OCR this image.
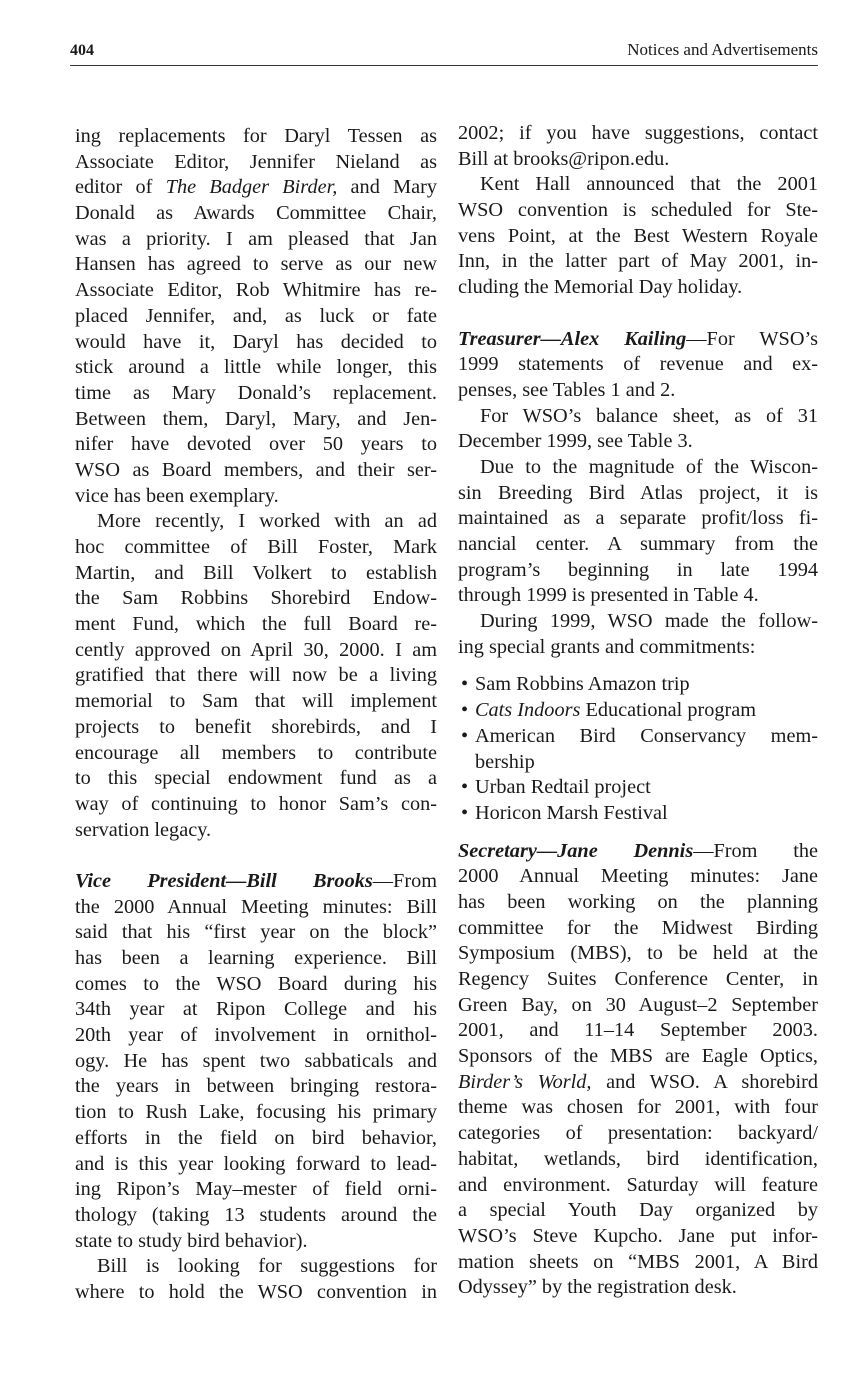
404	Notices and Advertisements
ing replacements for Daryl Tessen as
Associate Editor, Jennifer Nieland as
editor of The Badger Birder, and Mary
Donald as Awards Committee Chair,
was a priority. I am pleased that Jan
Hansen has agreed to serve as our new
Associate Editor, Rob Whitmire has re-
placed Jennifer, and, as luck or fate
would have it, Daryl has decided to
stick around a little while longer, this
time as Mary Donald’s replacement.
Between them, Daryl, Mary, and Jen-
nifer have devoted over 50 years to
WSO as Board members, and their ser-
vice has been exemplary.
More recently, I worked with an ad
hoc committee of Bill Foster, Mark
Martin, and Bill Volkert to establish
the Sam Robbins Shorebird Endow-
ment Fund, which the full Board re-
cently approved on April 30, 2000. I am
gratified that there will now be a living
memorial to Sam that will implement
projects to benefit shorebirds, and I
encourage all members to contribute
to this special endowment fund as a
way of continuing to honor Sam’s con-
servation legacy.
Vice President—Bill Brooks—From
the 2000 Annual Meeting minutes: Bill
said that his “first year on the block”
has been a learning experience. Bill
comes to the WSO Board during his
34th year at Ripon College and his
20th year of involvement in ornithol-
ogy. He has spent two sabbaticals and
the years in between bringing restora-
tion to Rush Lake, focusing his primary
efforts in the field on bird behavior,
and is this year looking forward to lead-
ing Ripon’s May–mester of field orni-
thology (taking 13 students around the
state to study bird behavior).
Bill is looking for suggestions for
where to hold the WSO convention in
2002; if you have suggestions, contact
Bill at brooks@ripon.edu.
Kent Hall announced that the 2001
WSO convention is scheduled for Ste-
vens Point, at the Best Western Royale
Inn, in the latter part of May 2001, in-
cluding the Memorial Day holiday.
Treasurer—Alex Kailing—For WSO’s
1999 statements of revenue and ex-
penses, see Tables 1 and 2.
For WSO’s balance sheet, as of 31
December 1999, see Table 3.
Due to the magnitude of the Wiscon-
sin Breeding Bird Atlas project, it is
maintained as a separate profit/loss fi-
nancial center. A summary from the
program’s beginning in late 1994
through 1999 is presented in Table 4.
During 1999, WSO made the follow-
ing special grants and commitments:
• Sam Robbins Amazon trip
• Cats Indoors Educational program
• American Bird Conservancy mem-
bership
• Urban Redtail project
• Horicon Marsh Festival
Secretary—Jane Dennis—From the
2000 Annual Meeting minutes: Jane
has been working on the planning
committee for the Midwest Birding
Symposium (MBS), to be held at the
Regency Suites Conference Center, in
Green Bay, on 30 August–2 September
2001, and 11–14 September 2003.
Sponsors of the MBS are Eagle Optics,
Birder’s World, and WSO. A shorebird
theme was chosen for 2001, with four
categories of presentation: backyard/
habitat, wetlands, bird identification,
and environment. Saturday will feature
a special Youth Day organized by
WSO’s Steve Kupcho. Jane put infor-
mation sheets on “MBS 2001, A Bird
Odyssey” by the registration desk.
